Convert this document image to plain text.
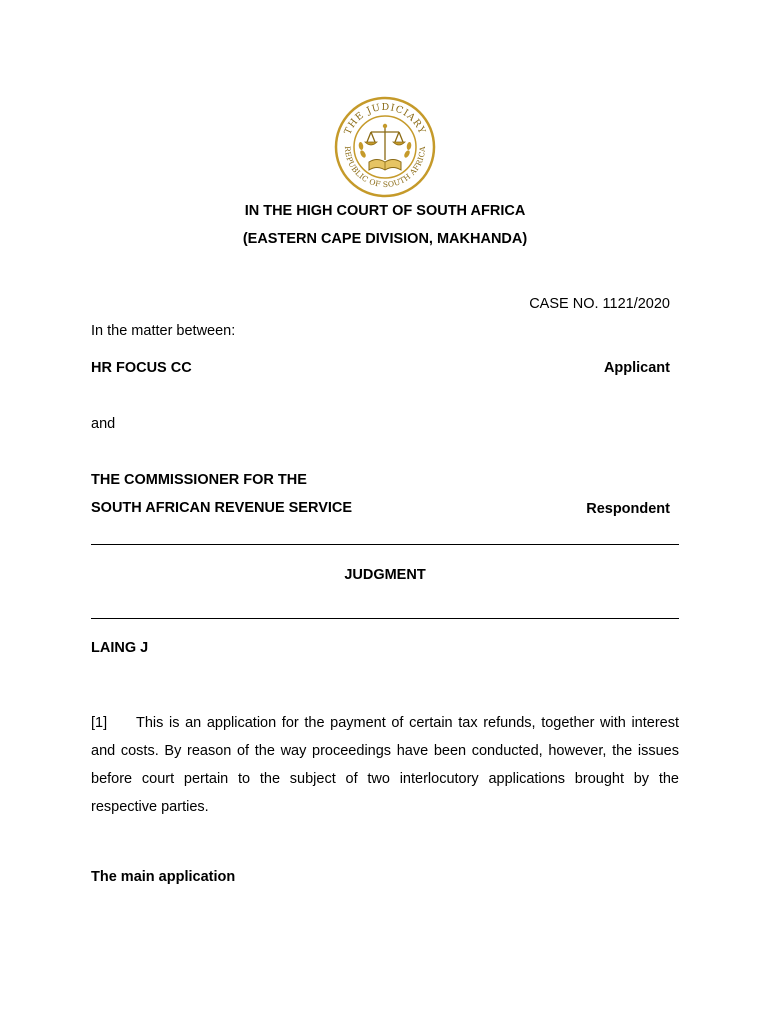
THE JUDICIARY
REPUBLIC OF SOUTH AFRICA
IN THE HIGH COURT OF SOUTH AFRICA
(EASTERN CAPE DIVISION, MAKHANDA)
CASE NO. 1121/2020
In the matter between:
HR FOCUS CC	Applicant
and
THE COMMISSIONER FOR THE
SOUTH AFRICAN REVENUE SERVICE	Respondent
JUDGMENT
LAING J
[1] This is an application for the payment of certain tax refunds, together with interest and costs. By reason of the way proceedings have been conducted, however, the issues before court pertain to the subject of two interlocutory applications brought by the respective parties.
The main application
